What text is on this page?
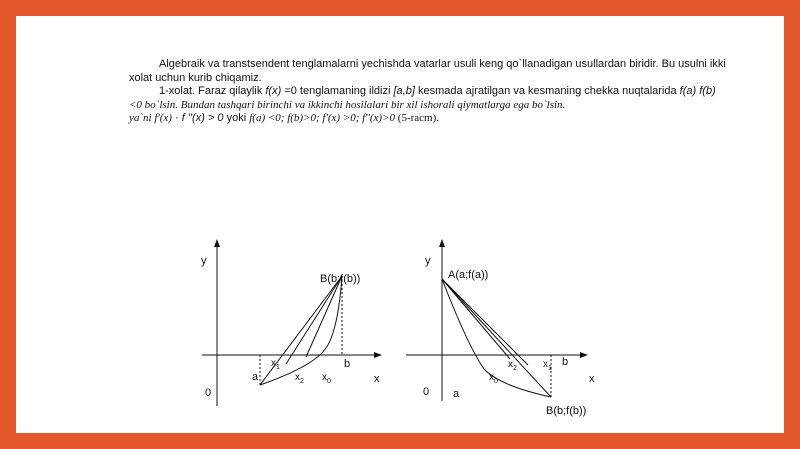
Algebraik va transtsendent tenglamalarni yechishda vatarlar usuli keng qo`llanadigan usullardan biridir. Bu usulni ikki xolat uchun kurib chiqamiz.

1-xolat. Faraz qilaylik f(x) =0 tenglamaning ildizi [a,b] kesmada ajratilgan va kesmaning chekka nuqtalarida f(a) f(b) <0 bo`lsin. Bundan tashqari birinchi va ikkinchi hosilalari bir xil ishorali qiymatlarga ega bo`lsin.

ya`ni f'(x) · f ''(x) > 0 yoki f(a) <0; f(b)>0; f'(x) >0; f''(x)>0 (5-racm).

y
x
0
B(b;f(b))
a
b
$x_1$
$x_2$ $x_0$
y
x
0
A(a;f(a))
B(b;f(b))
a
b
$x_1$
$x_2$
$x_0$
